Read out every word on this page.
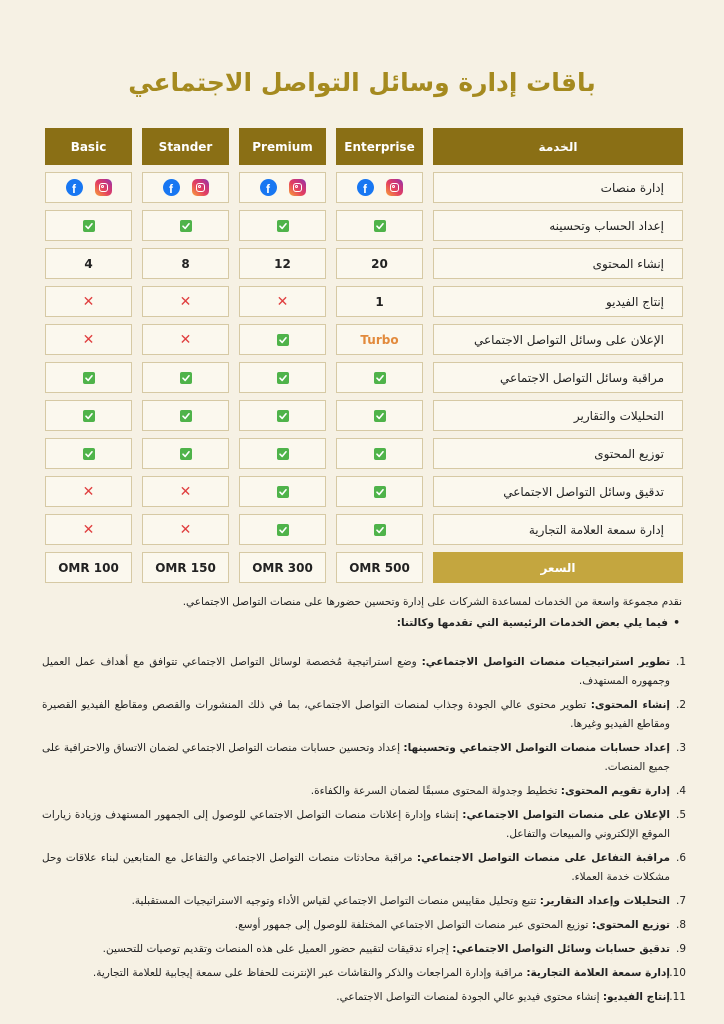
باقات إدارة وسائل التواصل الاجتماعي
الخدمة
Enterprise
Premium
Stander
Basic
إدارة منصات
f
f
f
f
إعداد الحساب وتحسينه
إنشاء المحتوى
20
12
8
4
إنتاج الفيديو
1
✕
✕
✕
الإعلان على وسائل التواصل الاجتماعي
Turbo
✕
✕
مراقبة وسائل التواصل الاجتماعي
التحليلات والتقارير
توزيع المحتوى
تدقيق وسائل التواصل الاجتماعي
✕
✕
إدارة سمعة العلامة التجارية
✕
✕
السعر
500 OMR
300 OMR
150 OMR
100 OMR

نقدم مجموعة واسعة من الخدمات لمساعدة الشركات على إدارة وتحسين حضورها على منصات التواصل الاجتماعي.

• فيما يلي بعض الخدمات الرئيسية التي تقدمها وكالتنا:

1.
تطوير استراتيجيات منصات التواصل الاجتماعي: وضع استراتيجية مُخصصة لوسائل التواصل الاجتماعي تتوافق مع أهداف عمل العميل وجمهوره المستهدف.
2.
إنشاء المحتوى: تطوير محتوى عالي الجودة وجذاب لمنصات التواصل الاجتماعي، بما في ذلك المنشورات والقصص ومقاطع الفيديو القصيرة ومقاطع الفيديو وغيرها.
3.
إعداد حسابات منصات التواصل الاجتماعي وتحسينها: إعداد وتحسين حسابات منصات التواصل الاجتماعي لضمان الاتساق والاحترافية على جميع المنصات.
4.
إدارة تقويم المحتوى: تخطيط وجدولة المحتوى مسبقًا لضمان السرعة والكفاءة.
5.
الإعلان على منصات التواصل الاجتماعي: إنشاء وإدارة إعلانات منصات التواصل الاجتماعي للوصول إلى الجمهور المستهدف وزيادة زيارات الموقع الإلكتروني والمبيعات والتفاعل.
6.
مراقبة التفاعل على منصات التواصل الاجتماعي: مراقبة محادثات منصات التواصل الاجتماعي والتفاعل مع المتابعين لبناء علاقات وحل مشكلات خدمة العملاء.
7.
التحليلات وإعداد التقارير: تتبع وتحليل مقاييس منصات التواصل الاجتماعي لقياس الأداء وتوجيه الاستراتيجيات المستقبلية.
8.
توزيع المحتوى: توزيع المحتوى عبر منصات التواصل الاجتماعي المختلفة للوصول إلى جمهور أوسع.
9.
تدقيق حسابات وسائل التواصل الاجتماعي: إجراء تدقيقات لتقييم حضور العميل على هذه المنصات وتقديم توصيات للتحسين.
10.
إدارة سمعة العلامة التجارية: مراقبة وإدارة المراجعات والذكر والنقاشات عبر الإنترنت للحفاظ على سمعة إيجابية للعلامة التجارية.
11.
إنتاج الفيديو: إنشاء محتوى فيديو عالي الجودة لمنصات التواصل الاجتماعي.
